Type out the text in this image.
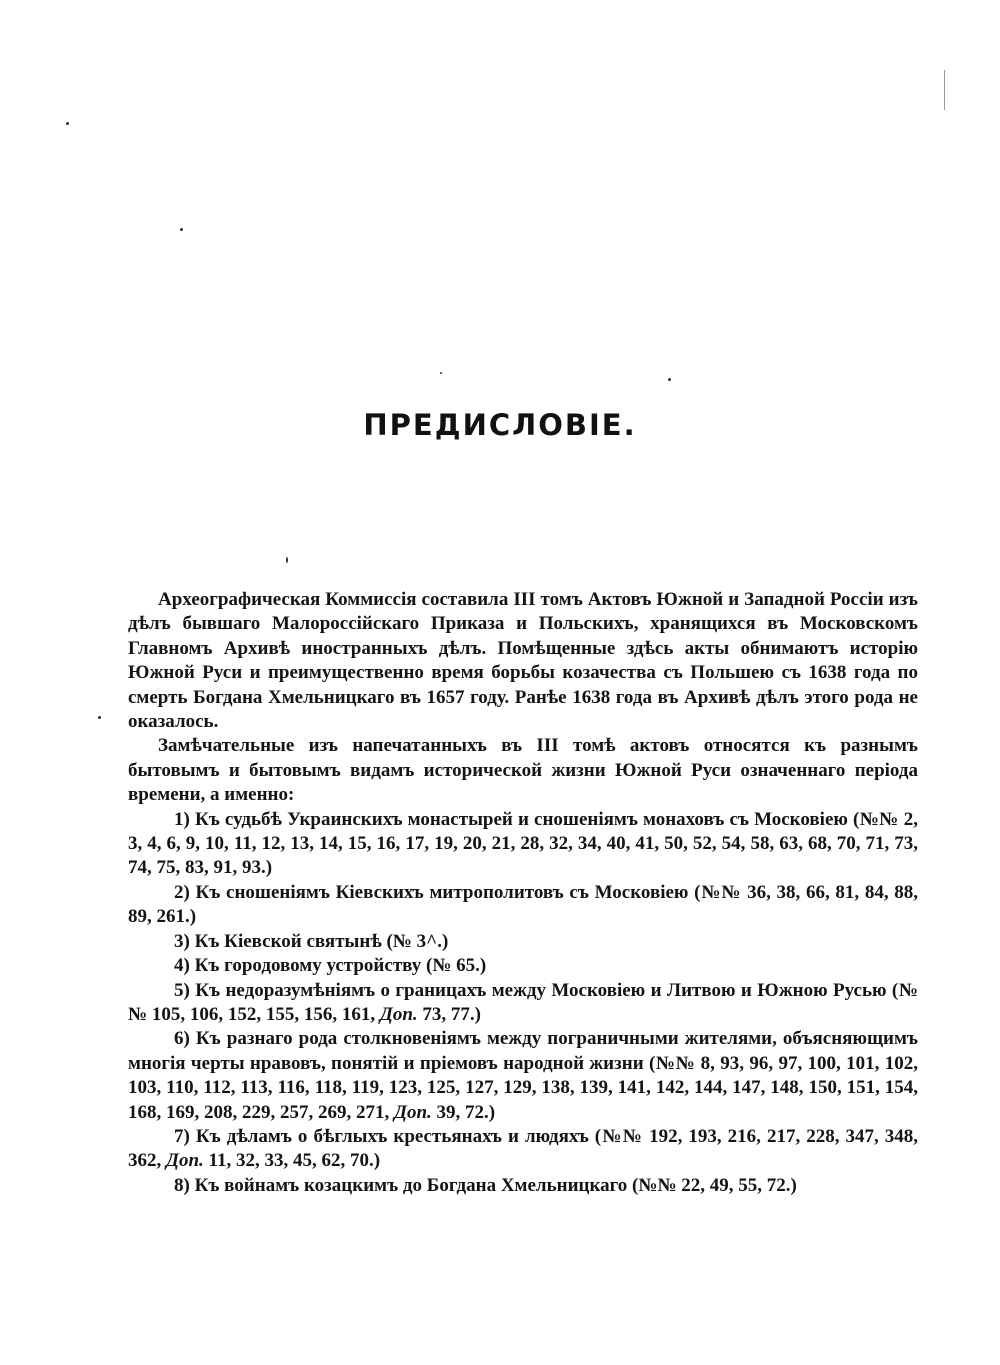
ПРЕДИСЛОВIЕ.

Археографическая Коммиссія составила III томъ Актовъ Южной и Западной Россіи изъ дѣлъ бывшаго Малороссійскаго Приказа и Польскихъ, хранящихся въ Московскомъ Главномъ Архивѣ иностранныхъ дѣлъ. Помѣщенные здѣсь акты обнимаютъ исторію Южной Руси и преимущественно время борьбы козачества съ Польшею съ 1638 года по смерть Богдана Хмельницкаго въ 1657 году. Ранѣе 1638 года въ Архивѣ дѣлъ этого рода не оказалось.

Замѣчательные изъ напечатанныхъ въ III томѣ актовъ относятся къ разнымъ бытовымъ и бытовымъ видамъ исторической жизни Южной Руси означеннаго періода времени, а именно:

1) Къ судьбѣ Украинскихъ монастырей и сношеніямъ монаховъ съ Московіею (№№ 2, 3, 4, 6, 9, 10, 11, 12, 13, 14, 15, 16, 17, 19, 20, 21, 28, 32, 34, 40, 41, 50, 52, 54, 58, 63, 68, 70, 71, 73, 74, 75, 83, 91, 93.)

2) Къ сношеніямъ Кіевскихъ митрополитовъ съ Московіею (№№ 36, 38, 66, 81, 84, 88, 89, 261.)

3) Къ Кіевской святынѣ (№ 3^.)

4) Къ городовому устройству (№ 65.)

5) Къ недоразумѣніямъ о границахъ между Московіею и Литвою и Южною Русью (№№ 105, 106, 152, 155, 156, 161, Доп. 73, 77.)

6) Къ разнаго рода столкновеніямъ между пограничными жителями, объясняющимъ многія черты нравовъ, понятій и пріемовъ народной жизни (№№ 8, 93, 96, 97, 100, 101, 102, 103, 110, 112, 113, 116, 118, 119, 123, 125, 127, 129, 138, 139, 141, 142, 144, 147, 148, 150, 151, 154, 168, 169, 208, 229, 257, 269, 271, Доп. 39, 72.)

7) Къ дѣламъ о бѣглыхъ крестьянахъ и людяхъ (№№ 192, 193, 216, 217, 228, 347, 348, 362, Доп. 11, 32, 33, 45, 62, 70.)

8) Къ войнамъ козацкимъ до Богдана Хмельницкаго (№№ 22, 49, 55, 72.)
